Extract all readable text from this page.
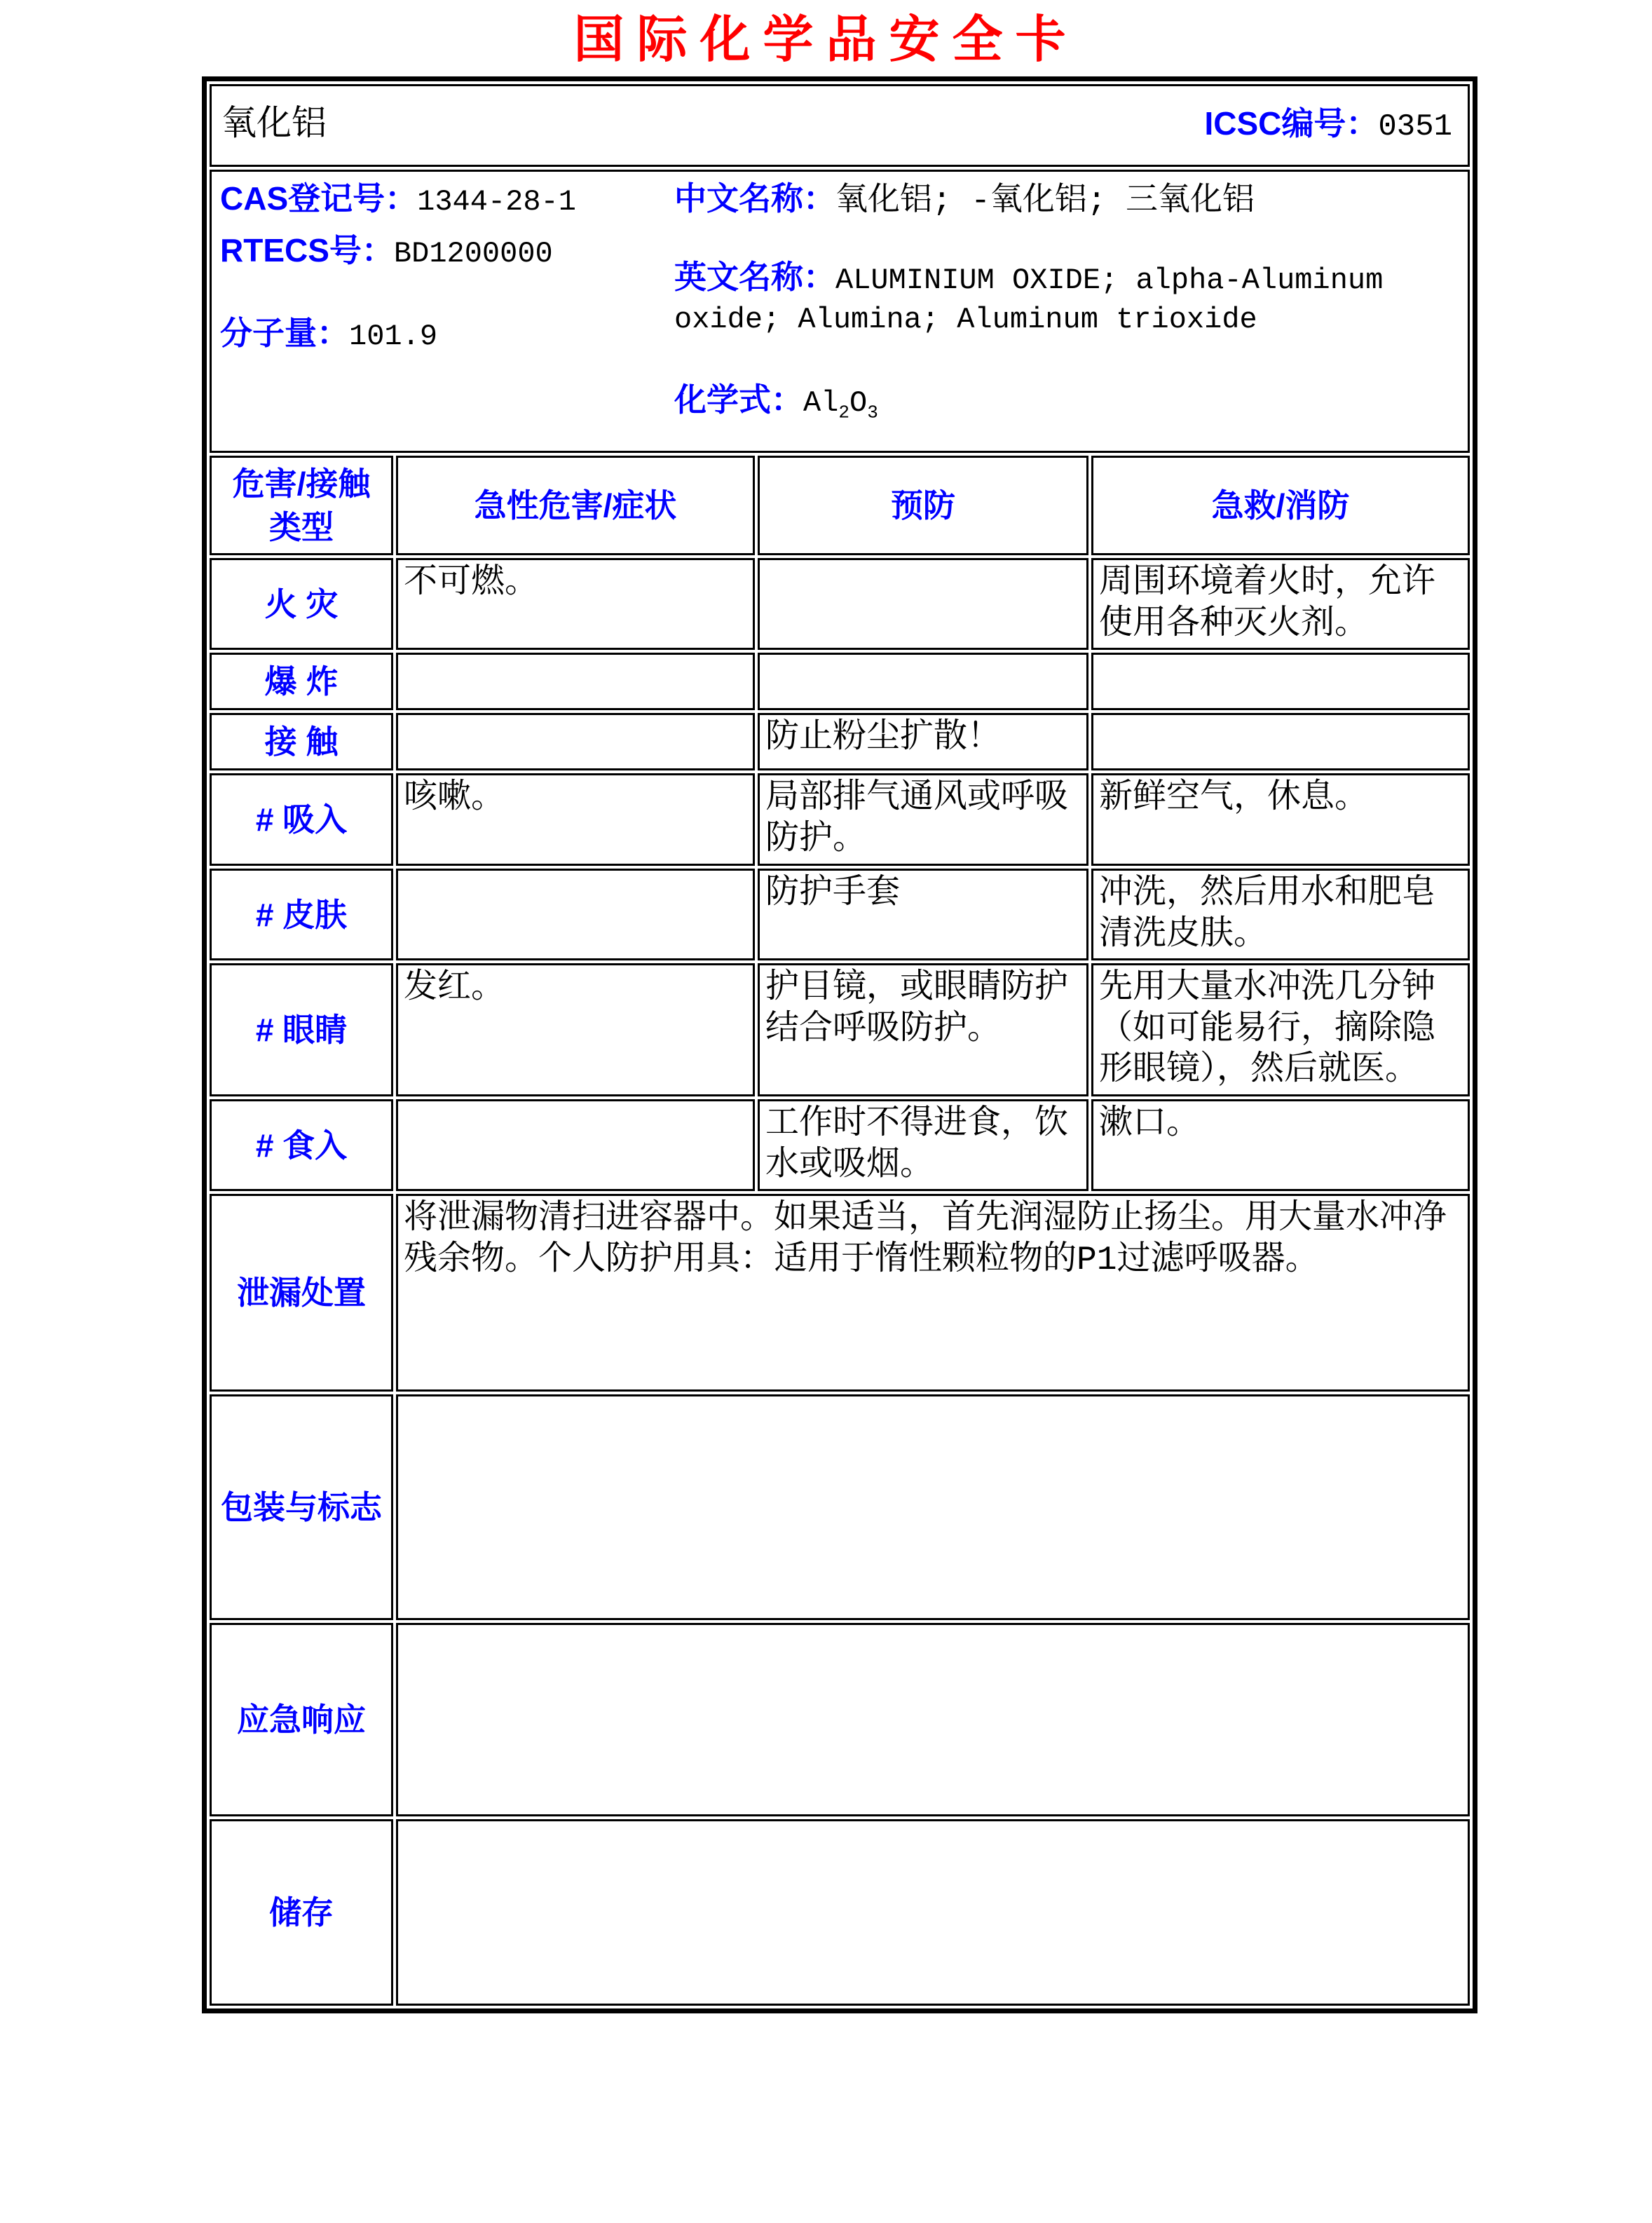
国际化学品安全卡
氧化铝 ICSC编号：0351			

CAS登记号：1344-28-1
RTECS号：BD1200000
分子量：101.9
中文名称：氧化铝; -氧化铝; 三氧化铝
英文名称：ALUMINIUM OXIDE; alpha-Aluminum oxide; Alumina; Aluminum trioxide
化学式：$Al_2O_3$

危害/接触类型	急性危害/症状	预防	急救/消防
火 灾	不可燃。		周围环境着火时，允许使用各种灭火剂。
爆 炸			
接 触		防止粉尘扩散！	
# 吸入	咳嗽。	局部排气通风或呼吸防护。	新鲜空气，休息。
# 皮肤		防护手套	冲洗，然后用水和肥皂清洗皮肤。
# 眼睛	发红。	护目镜，或眼睛防护结合呼吸防护。	先用大量水冲洗几分钟（如可能易行，摘除隐形眼镜），然后就医。
# 食入		工作时不得进食，饮水或吸烟。	漱口。
泄漏处置	将泄漏物清扫进容器中。如果适当，首先润湿防止扬尘。用大量水冲净残余物。个人防护用具：适用于惰性颗粒物的P1过滤呼吸器。		
包装与标志			
应急响应			
储存			
